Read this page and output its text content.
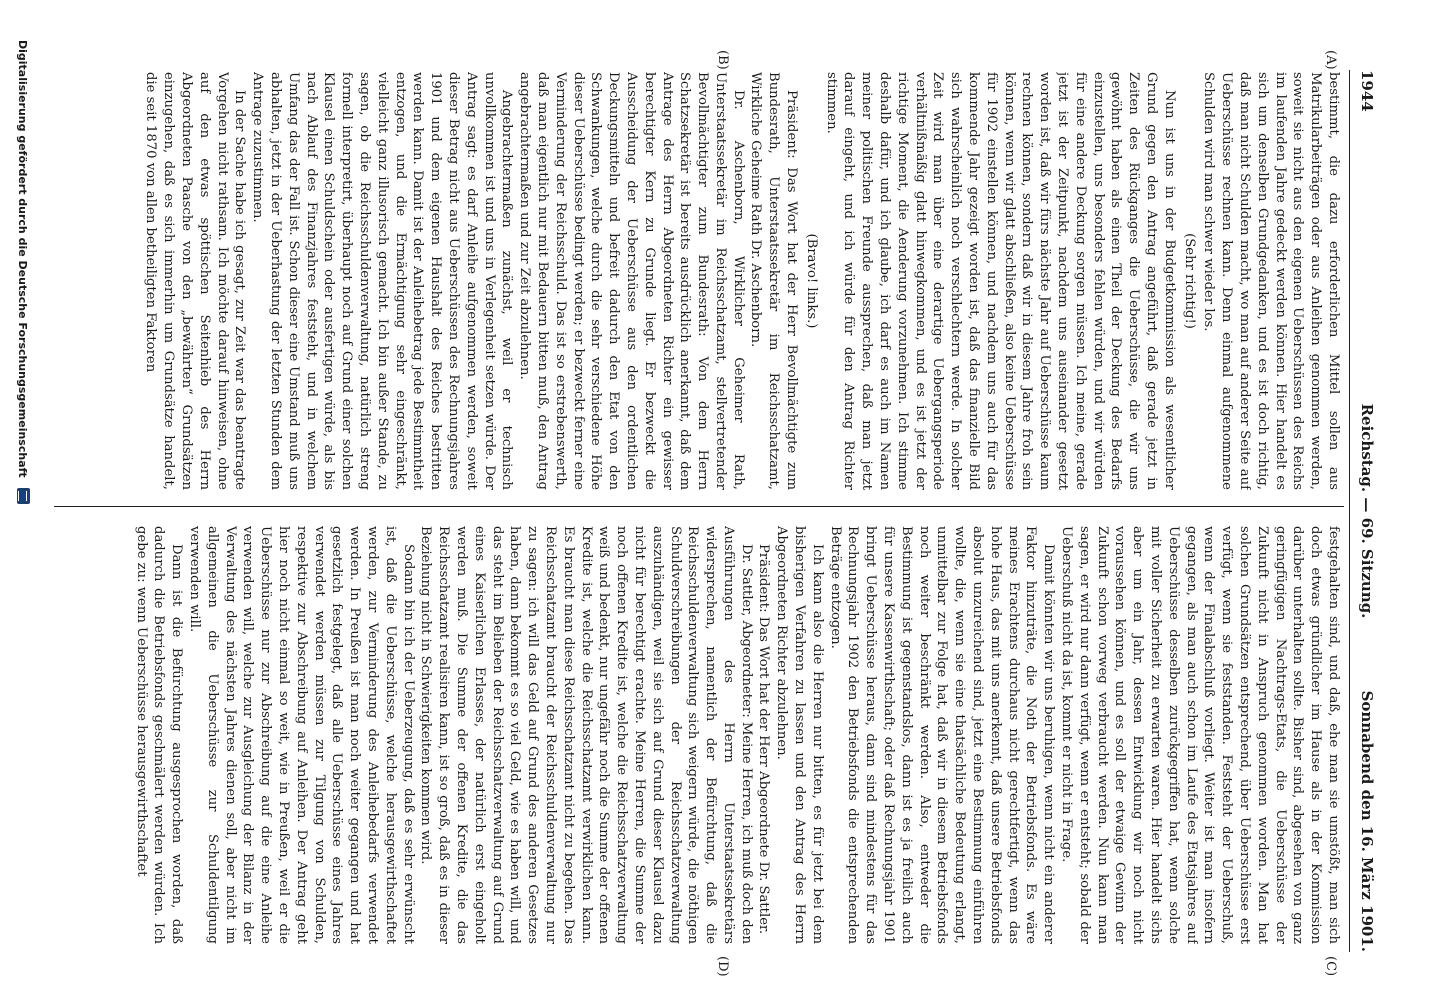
1944
Reichstag. — 69. Sitzung.
Sonnabend den 16. März 1901.
(A)
(B)
(C)
(D)

bestimmt, die dazu erforderlichen Mittel sollen aus Matrikularbeiträgen oder aus Anleihen genommen werden, soweit sie nicht aus den eigenen Ueberschüssen des Reichs im laufenden Jahre gedeckt werden können. Hier handelt es sich um denselben Grundgedanken, und es ist doch richtig, daß man nicht Schulden macht, wo man auf anderer Seite auf Ueberschüsse rechnen kann. Denn einmal aufgenommene Schulden wird man schwer wieder los.

(Sehr richtig!)

Nun ist uns in der Budgetkommission als wesentlicher Grund gegen den Antrag angeführt, daß gerade jetzt in Zeiten des Rückganges die Ueberschüsse, die wir uns gewöhnt haben als einen Theil der Deckung des Bedarfs einzustellen, uns besonders fehlen würden, und wir würden für eine andere Deckung sorgen müssen. Ich meine, gerade jetzt ist der Zeitpunkt, nachdem uns auseinander gesetzt worden ist, daß wir fürs nächste Jahr auf Ueberschüsse kaum rechnen können, sondern daß wir in diesem Jahre froh sein können, wenn wir glatt abschließen, also keine Ueberschüsse für 1902 einstellen können, und nachdem uns auch für das kommende Jahr gezeigt worden ist, daß das finanzielle Bild sich wahrscheinlich noch verschlechtern werde. In solcher Zeit wird man über eine derartige Uebergangsperiode verhältnißmäßig glatt hinwegkommen, und es ist jetzt der richtige Moment, die Aenderung vorzunehmen. Ich stimme deshalb dafür, und ich glaube, ich darf es auch im Namen meiner politischen Freunde aussprechen, daß man jetzt darauf eingeht, und ich würde für den Antrag Richter stimmen.

(Bravo! links.)

Präsident: Das Wort hat der Herr Bevollmächtigte zum Bundesrath, Unterstaatssekretär im Reichsschatzamt, Wirkliche Geheime Rath Dr. Aschenborn.

Dr. Aschenborn, Wirklicher Geheimer Rath, Unterstaatssekretär im Reichsschatzamt, stellvertretender Bevollmächtigter zum Bundesrath: Von dem Herrn Schatzsekretär ist bereits ausdrücklich anerkannt, daß dem Antrage des Herrn Abgeordneten Richter ein gewisser berechtigter Kern zu Grunde liegt. Er bezweckt die Ausscheidung der Ueberschüsse aus den ordentlichen Deckungsmitteln und befreit dadurch den Etat von den Schwankungen, welche durch die sehr verschiedene Höhe dieser Ueberschüsse bedingt werden; er bezweckt ferner eine Verminderung der Reichsschuld. Das ist so erstrebenswerth, daß man eigentlich nur mit Bedauern bitten muß, den Antrag angebrachtermaßen und zur Zeit abzulehnen.

Angebrachtermaßen zunächst, weil er technisch unvollkommen ist und uns in Verlegenheit setzen würde. Der Antrag sagt: es darf Anleihe aufgenommen werden, soweit dieser Betrag nicht aus Ueberschüssen des Rechnungsjahres 1901 und dem eigenen Haushalt des Reiches bestritten werden kann. Damit ist der Anleihebetrag jede Bestimmtheit entzogen, und die Ermächtigung sehr eingeschränkt, vielleicht ganz illusorisch gemacht. Ich bin außer Stande, zu sagen, ob die Reichsschuldenverwaltung, natürlich streng formell interpretirt, überhaupt noch auf Grund einer solchen Klausel einen Schuldschein oder ausfertigen würde, als bis nach Ablauf des Finanzjahres feststeht, und in welchem Umfang das der Fall ist. Schon dieser eine Umstand muß uns abhalten, jetzt in der Ueberhastung der letzten Stunden dem Antrage zuzustimmen.

In der Sache habe ich gesagt, zur Zeit war das beantragte Vorgehen nicht rathsam. Ich möchte darauf hinweisen, ohne auf den etwas spöttischen Seitenhieb des Herrn Abgeordneten Paasche von den „bewährten“ Grundsätzen einzugehen, daß es sich immerhin um Grundsätze handelt, die seit 1870 von allen betheiligten Faktoren

festgehalten sind, und daß, ehe man sie umstößt, man sich doch etwas gründlicher im Hause als in der Kommission darüber unterhalten sollte. Bisher sind, abgesehen von ganz geringfügigen Nachtrags-Etats, die Ueberschüsse der Zukunft nicht in Anspruch genommen worden. Man hat solchen Grundsätzen entsprechend, über Ueberschüsse erst verfügt, wenn sie feststanden. Feststeht der Ueberschuß, wenn der Finalabschluß vorliegt. Weiter ist man insofern gegangen, als man auch schon im Laufe des Etatsjahres auf Ueberschüsse desselben zurückgegriffen hat, wenn solche mit voller Sicherheit zu erwarten waren. Hier handelt sichs aber um ein Jahr, dessen Entwicklung wir noch nicht voraussehen können, und es soll der etwaige Gewinn der Zukunft schon vorweg verbraucht werden. Nun kann man sagen, er wird nur dann verfügt, wenn er entsteht; sobald der Ueberschuß nicht da ist, kommt er nicht in Frage.

Damit könnten wir uns beruhigen, wenn nicht ein anderer Faktor hinzuträte, die Noth der Betriebsfonds. Es wäre meines Erachtens durchaus nicht gerechtfertigt, wenn das hohe Haus, das mit uns anerkennt, daß unsere Betriebsfonds absolut unzureichend sind, jetzt eine Bestimmung einführen wollte, die, wenn sie eine thatsächliche Bedeutung erlangt, unmittelbar zur Folge hat, daß wir in diesem Betriebsfonds noch weiter beschränkt werden. Also, entweder die Bestimmung ist gegenstandslos, dann ist es ja freilich auch für unsere Kassenwirthschaft; oder daß Rechnungsjahr 1901 bringt Ueberschüsse heraus, dann sind mindestens für das Rechnungsjahr 1902 den Betriebsfonds die entsprechenden Beträge entzogen.

Ich kann also die Herren nur bitten, es für jetzt bei dem bisherigen Verfahren zu lassen und den Antrag des Herrn Abgeordneten Richter abzulehnen.

Präsident: Das Wort hat der Herr Abgeordnete Dr. Sattler.

Dr. Sattler, Abgeordneter: Meine Herren, ich muß doch den Ausführungen des Herrn Unterstaatssekretärs widersprechen, namentlich der Befürchtung, daß die Reichsschuldenverwaltung sich weigern würde, die nöthigen Schuldverschreibungen der Reichsschatzverwaltung auszuhändigen, weil sie sich auf Grund dieser Klausel dazu nicht für berechtigt erachte. Meine Herren, die Summe der noch offenen Kredite ist, welche die Reichsschatzverwaltung weiß und bedenkt, nur ungefähr noch die Summe der offenen Kredite ist, welche die Reichsschatzamt verwirklichen kann. Es braucht man diese Reichsschatzamt nicht zu begehen. Das Reichsschatzamt braucht der Reichsschuldenverwaltung nur zu sagen: ich will das Geld auf Grund des anderen Gesetzes haben, dann bekommt es so viel Geld, wie es haben will, und das steht im Belieben der Reichsschatzverwaltung auf Grund eines Kaiserlichen Erlasses, der natürlich erst eingeholt werden muß. Die Summe der offenen Kredite, die das Reichsschatzamt realisiren kann, ist so groß, daß es in dieser Beziehung nicht in Schwierigkeiten kommen wird.

Sodann bin ich der Ueberzeugung, daß es sehr erwünscht ist, daß die Ueberschüsse, welche herausgewirthschaftet werden, zur Verminderung des Anleihebedarfs verwendet werden. In Preußen ist man noch weiter gegangen und hat gesetzlich festgelegt, daß alle Ueberschüsse eines Jahres verwendet werden müssen zur Tilgung von Schulden, respektive zur Abschreibung auf Anleihen. Der Antrag geht hier noch nicht einmal so weit, wie in Preußen, weil er die Ueberschüsse nur zur Abschreibung auf die eine Anleihe verwenden will, welche zur Ausgleichung der Bilanz in der Verwaltung des nächsten Jahres dienen soll, aber nicht im allgemeinen die Ueberschüsse zur Schuldentilgung verwenden will.

Dann ist die Befürchtung ausgesprochen worden, daß dadurch die Betriebsfonds geschmälert werden würden. Ich gebe zu: wenn Ueberschüsse herausgewirthschaftet

Digitalisierung gefördert durch die Deutsche Forschungsgemeinschaft
